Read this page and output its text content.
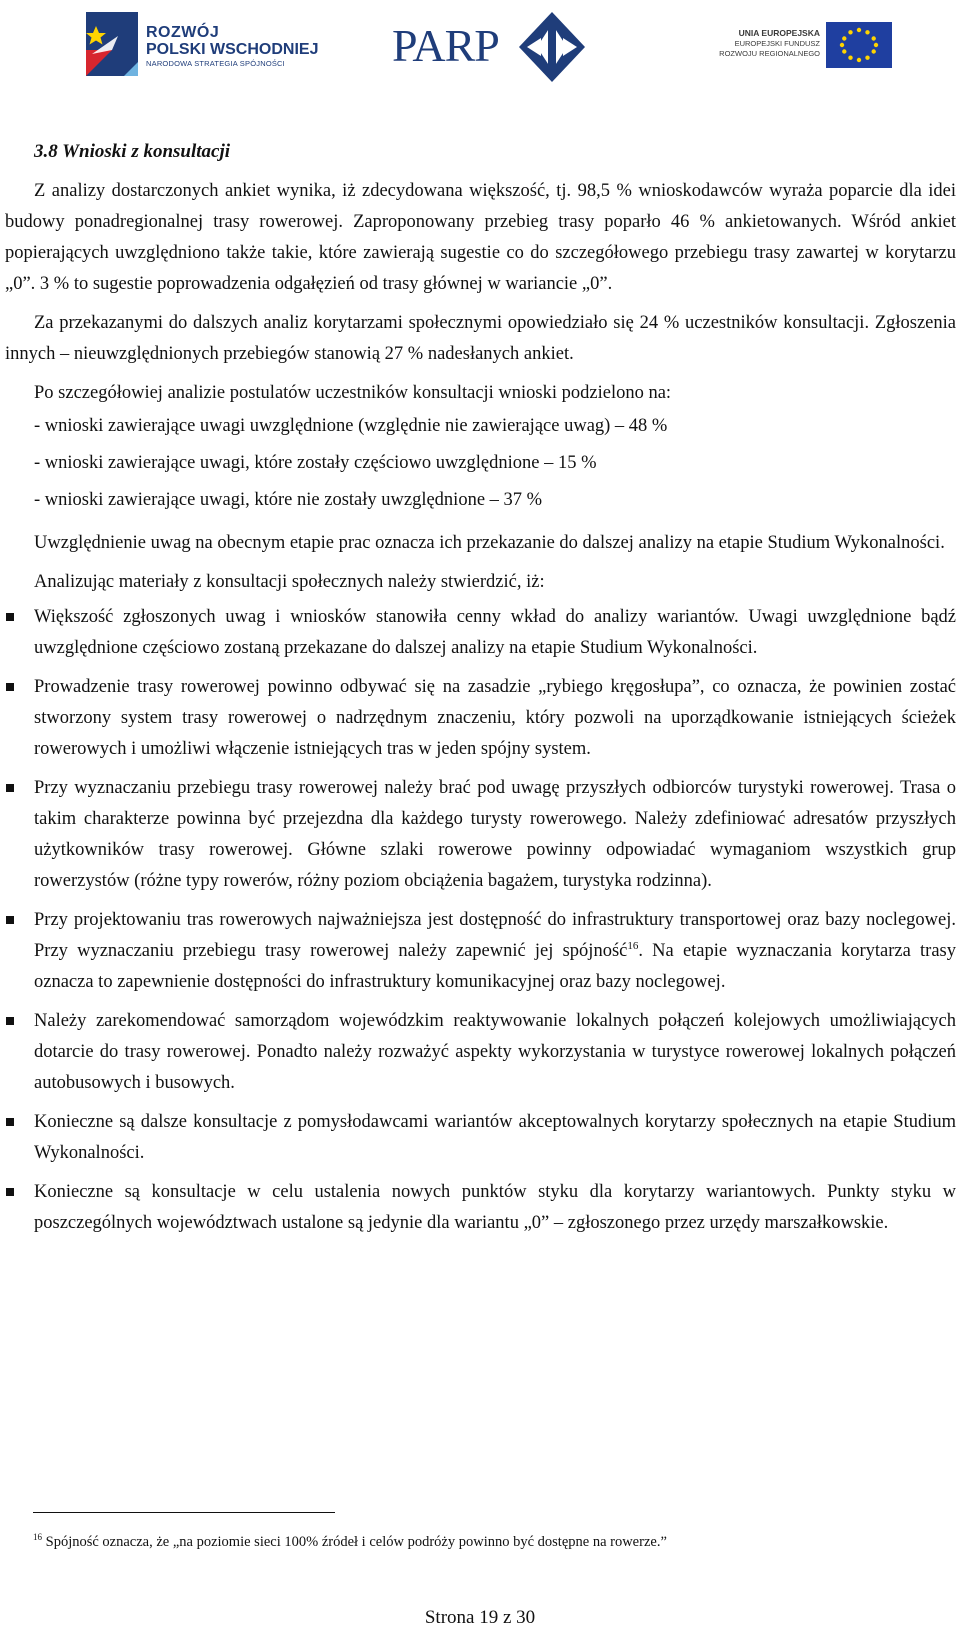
ROZWÓJ
POLSKI WSCHODNIEJ
NARODOWA STRATEGIA SPÓJNOŚCI	PARP	UNIA EUROPEJSKA
EUROPEJSKI FUNDUSZ
ROZWOJU REGIONALNEGO
3.8 Wnioski z konsultacji

Z analizy dostarczonych ankiet wynika, iż zdecydowana większość, tj. 98,5 % wnioskodawców wyraża poparcie dla idei budowy ponadregionalnej trasy rowerowej. Zaproponowany przebieg trasy poparło 46 % ankietowanych. Wśród ankiet popierających uwzględniono także takie, które zawierają sugestie co do szczegółowego przebiegu trasy zawartej w korytarzu „0”. 3 % to sugestie poprowadzenia odgałęzień od trasy głównej w wariancie „0”.

Za przekazanymi do dalszych analiz korytarzami społecznymi opowiedziało się 24 % uczestników konsultacji. Zgłoszenia innych – nieuwzględnionych przebiegów stanowią 27 % nadesłanych ankiet.

Po szczegółowiej analizie postulatów uczestników konsultacji wnioski podzielono na:

- wnioski zawierające uwagi uwzględnione (względnie nie zawierające uwag) – 48 %
- wnioski zawierające uwagi, które zostały częściowo uwzględnione – 15 %
- wnioski zawierające uwagi, które nie zostały uwzględnione – 37 %

Uwzględnienie uwag na obecnym etapie prac oznacza ich przekazanie do dalszej analizy na etapie Studium Wykonalności.

Analizując materiały z konsultacji społecznych należy stwierdzić, iż:

Większość zgłoszonych uwag i wniosków stanowiła cenny wkład do analizy wariantów. Uwagi uwzględnione bądź uwzględnione częściowo zostaną przekazane do dalszej analizy na etapie Studium Wykonalności.
Prowadzenie trasy rowerowej powinno odbywać się na zasadzie „rybiego kręgosłupa”, co oznacza, że powinien zostać stworzony system trasy rowerowej o nadrzędnym znaczeniu, który pozwoli na uporządkowanie istniejących ścieżek rowerowych i umożliwi włączenie istniejących tras w jeden spójny system.
Przy wyznaczaniu przebiegu trasy rowerowej należy brać pod uwagę przyszłych odbiorców turystyki rowerowej. Trasa o takim charakterze powinna być przejezdna dla każdego turysty rowerowego. Należy zdefiniować adresatów przyszłych użytkowników trasy rowerowej. Główne szlaki rowerowe powinny odpowiadać wymaganiom wszystkich grup rowerzystów (różne typy rowerów, różny poziom obciążenia bagażem, turystyka rodzinna).
Przy projektowaniu tras rowerowych najważniejsza jest dostępność do infrastruktury transportowej oraz bazy noclegowej. Przy wyznaczaniu przebiegu trasy rowerowej należy zapewnić jej spójność$^{16}$. Na etapie wyznaczania korytarza trasy oznacza to zapewnienie dostępności do infrastruktury komunikacyjnej oraz bazy noclegowej.
Należy zarekomendować samorządom wojewódzkim reaktywowanie lokalnych połączeń kolejowych umożliwiających dotarcie do trasy rowerowej. Ponadto należy rozważyć aspekty wykorzystania w turystyce rowerowej lokalnych połączeń autobusowych i busowych.
Konieczne są dalsze konsultacje z pomysłodawcami wariantów akceptowalnych korytarzy społecznych na etapie Studium Wykonalności.
Konieczne są konsultacje w celu ustalenia nowych punktów styku dla korytarzy wariantowych. Punkty styku w poszczególnych województwach ustalone są jedynie dla wariantu „0” – zgłoszonego przez urzędy marszałkowskie.
$^{16}$ Spójność oznacza, że „na poziomie sieci 100% źródeł i celów podróży powinno być dostępne na rowerze.”
Strona 19 z 30
